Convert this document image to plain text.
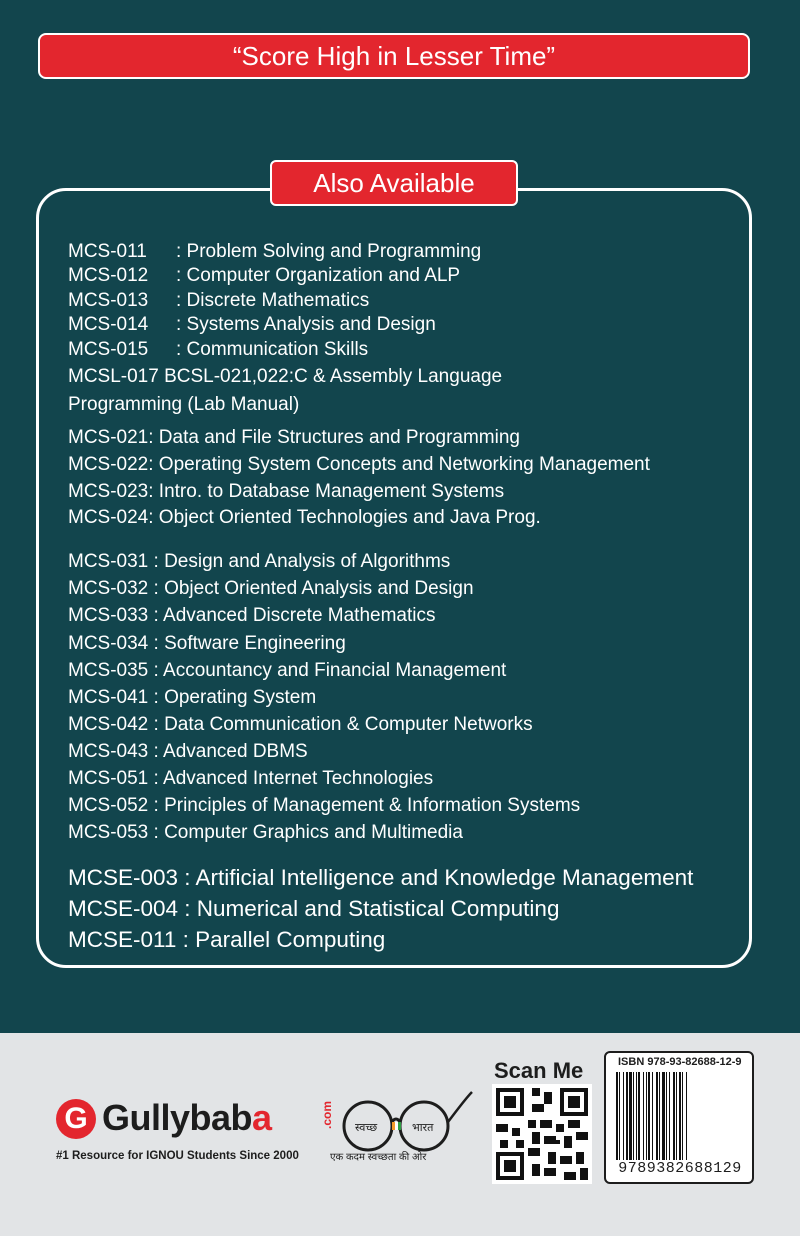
“Score High in Lesser Time”
Also Available
MCS-011 : Problem Solving and Programming
MCS-012 : Computer Organization and ALP
MCS-013 : Discrete Mathematics
MCS-014 : Systems Analysis and Design
MCS-015 : Communication Skills
MCSL-017 BCSL-021,022:C & Assembly Language Programming (Lab Manual)
MCS-021: Data and File Structures and Programming
MCS-022: Operating System Concepts and Networking Management
MCS-023: Intro. to Database Management Systems
MCS-024: Object Oriented Technologies and Java Prog.
MCS-031 : Design and Analysis of Algorithms
MCS-032 : Object Oriented Analysis and Design
MCS-033 : Advanced Discrete Mathematics
MCS-034 : Software Engineering
MCS-035 : Accountancy and Financial Management
MCS-041 : Operating System
MCS-042 : Data Communication & Computer Networks
MCS-043 : Advanced DBMS
MCS-051 : Advanced Internet Technologies
MCS-052 : Principles of Management & Information Systems
MCS-053 : Computer Graphics and Multimedia
MCSE-003 : Artificial Intelligence and Knowledge Management
MCSE-004 : Numerical and Statistical Computing
MCSE-011 : Parallel Computing
G Gullybaba	.com
#1 Resource for IGNOU Students Since 2000
स्वच्छ	भारत
एक कदम स्वच्छता की ओर
Scan Me	ISBN 978-93-82688-12-9
9789382688129
